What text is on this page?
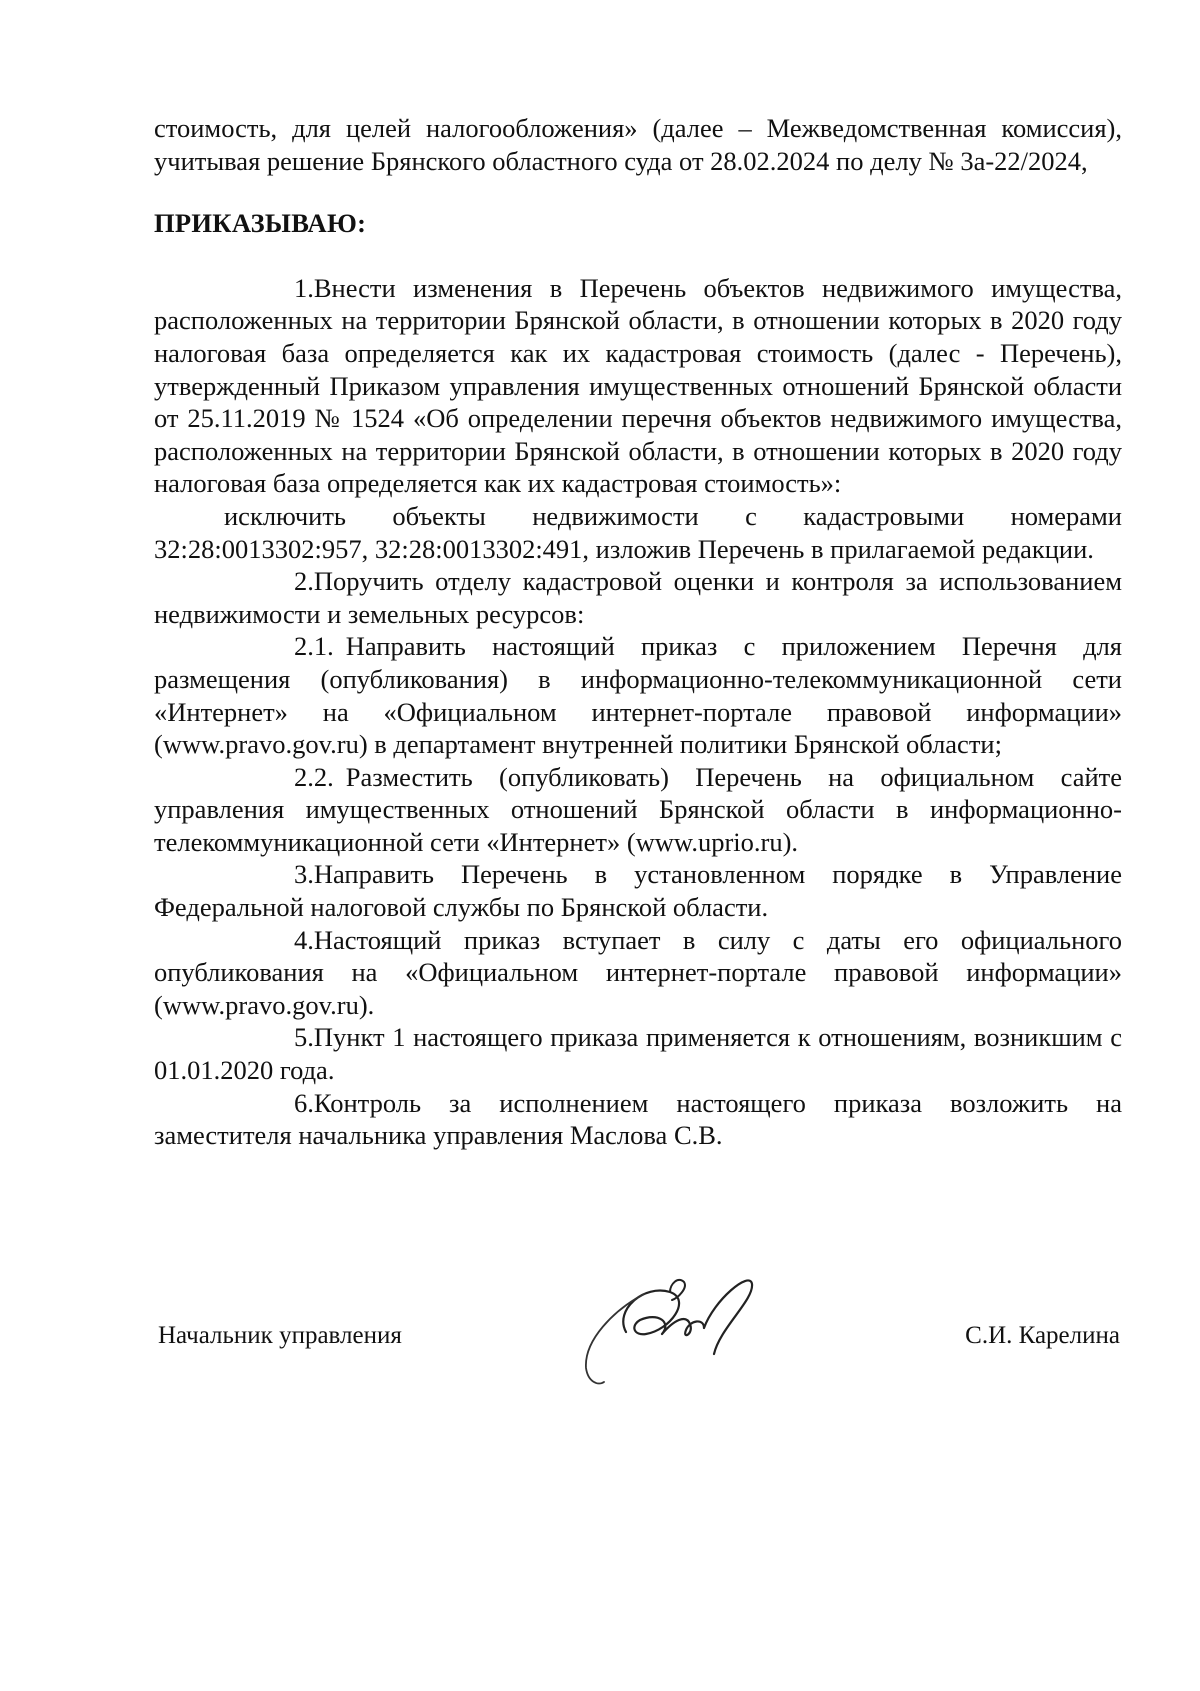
стоимость, для целей налогообложения» (далее – Межведомственная комиссия), учитывая решение Брянского областного суда от 28.02.2024 по делу № 3а-22/2024,

ПРИКАЗЫВАЮ:

1.Внести изменения в Перечень объектов недвижимого имущества, расположенных на территории Брянской области, в отношении которых в 2020 году налоговая база определяется как их кадастровая стоимость (далес - Перечень), утвержденный Приказом управления имущественных отношений Брянской области от 25.11.2019 № 1524 «Об определении перечня объектов недвижимого имущества, расположенных на территории Брянской области, в отношении которых в 2020 году налоговая база определяется как их кадастровая стоимость»:

исключить объекты недвижимости с кадастровыми номерами 32:28:0013302:957, 32:28:0013302:491, изложив Перечень в прилагаемой редакции.

2.Поручить отделу кадастровой оценки и контроля за использованием недвижимости и земельных ресурсов:

2.1. Направить настоящий приказ с приложением Перечня для размещения (опубликования) в информационно-телекоммуникационной сети «Интернет» на «Официальном интернет-портале правовой информации» (www.pravo.gov.ru) в департамент внутренней политики Брянской области;

2.2. Разместить (опубликовать) Перечень на официальном сайте управления имущественных отношений Брянской области в информационно-телекоммуникационной сети «Интернет» (www.uprio.ru).

3.Направить Перечень в установленном порядке в Управление Федеральной налоговой службы по Брянской области.

4.Настоящий приказ вступает в силу с даты его официального опубликования на «Официальном интернет-портале правовой информации» (www.pravo.gov.ru).

5.Пункт 1 настоящего приказа применяется к отношениям, возникшим с 01.01.2020 года.

6.Контроль за исполнением настоящего приказа возложить на заместителя начальника управления Маслова С.В.

Начальник управления	С.И. Карелина
